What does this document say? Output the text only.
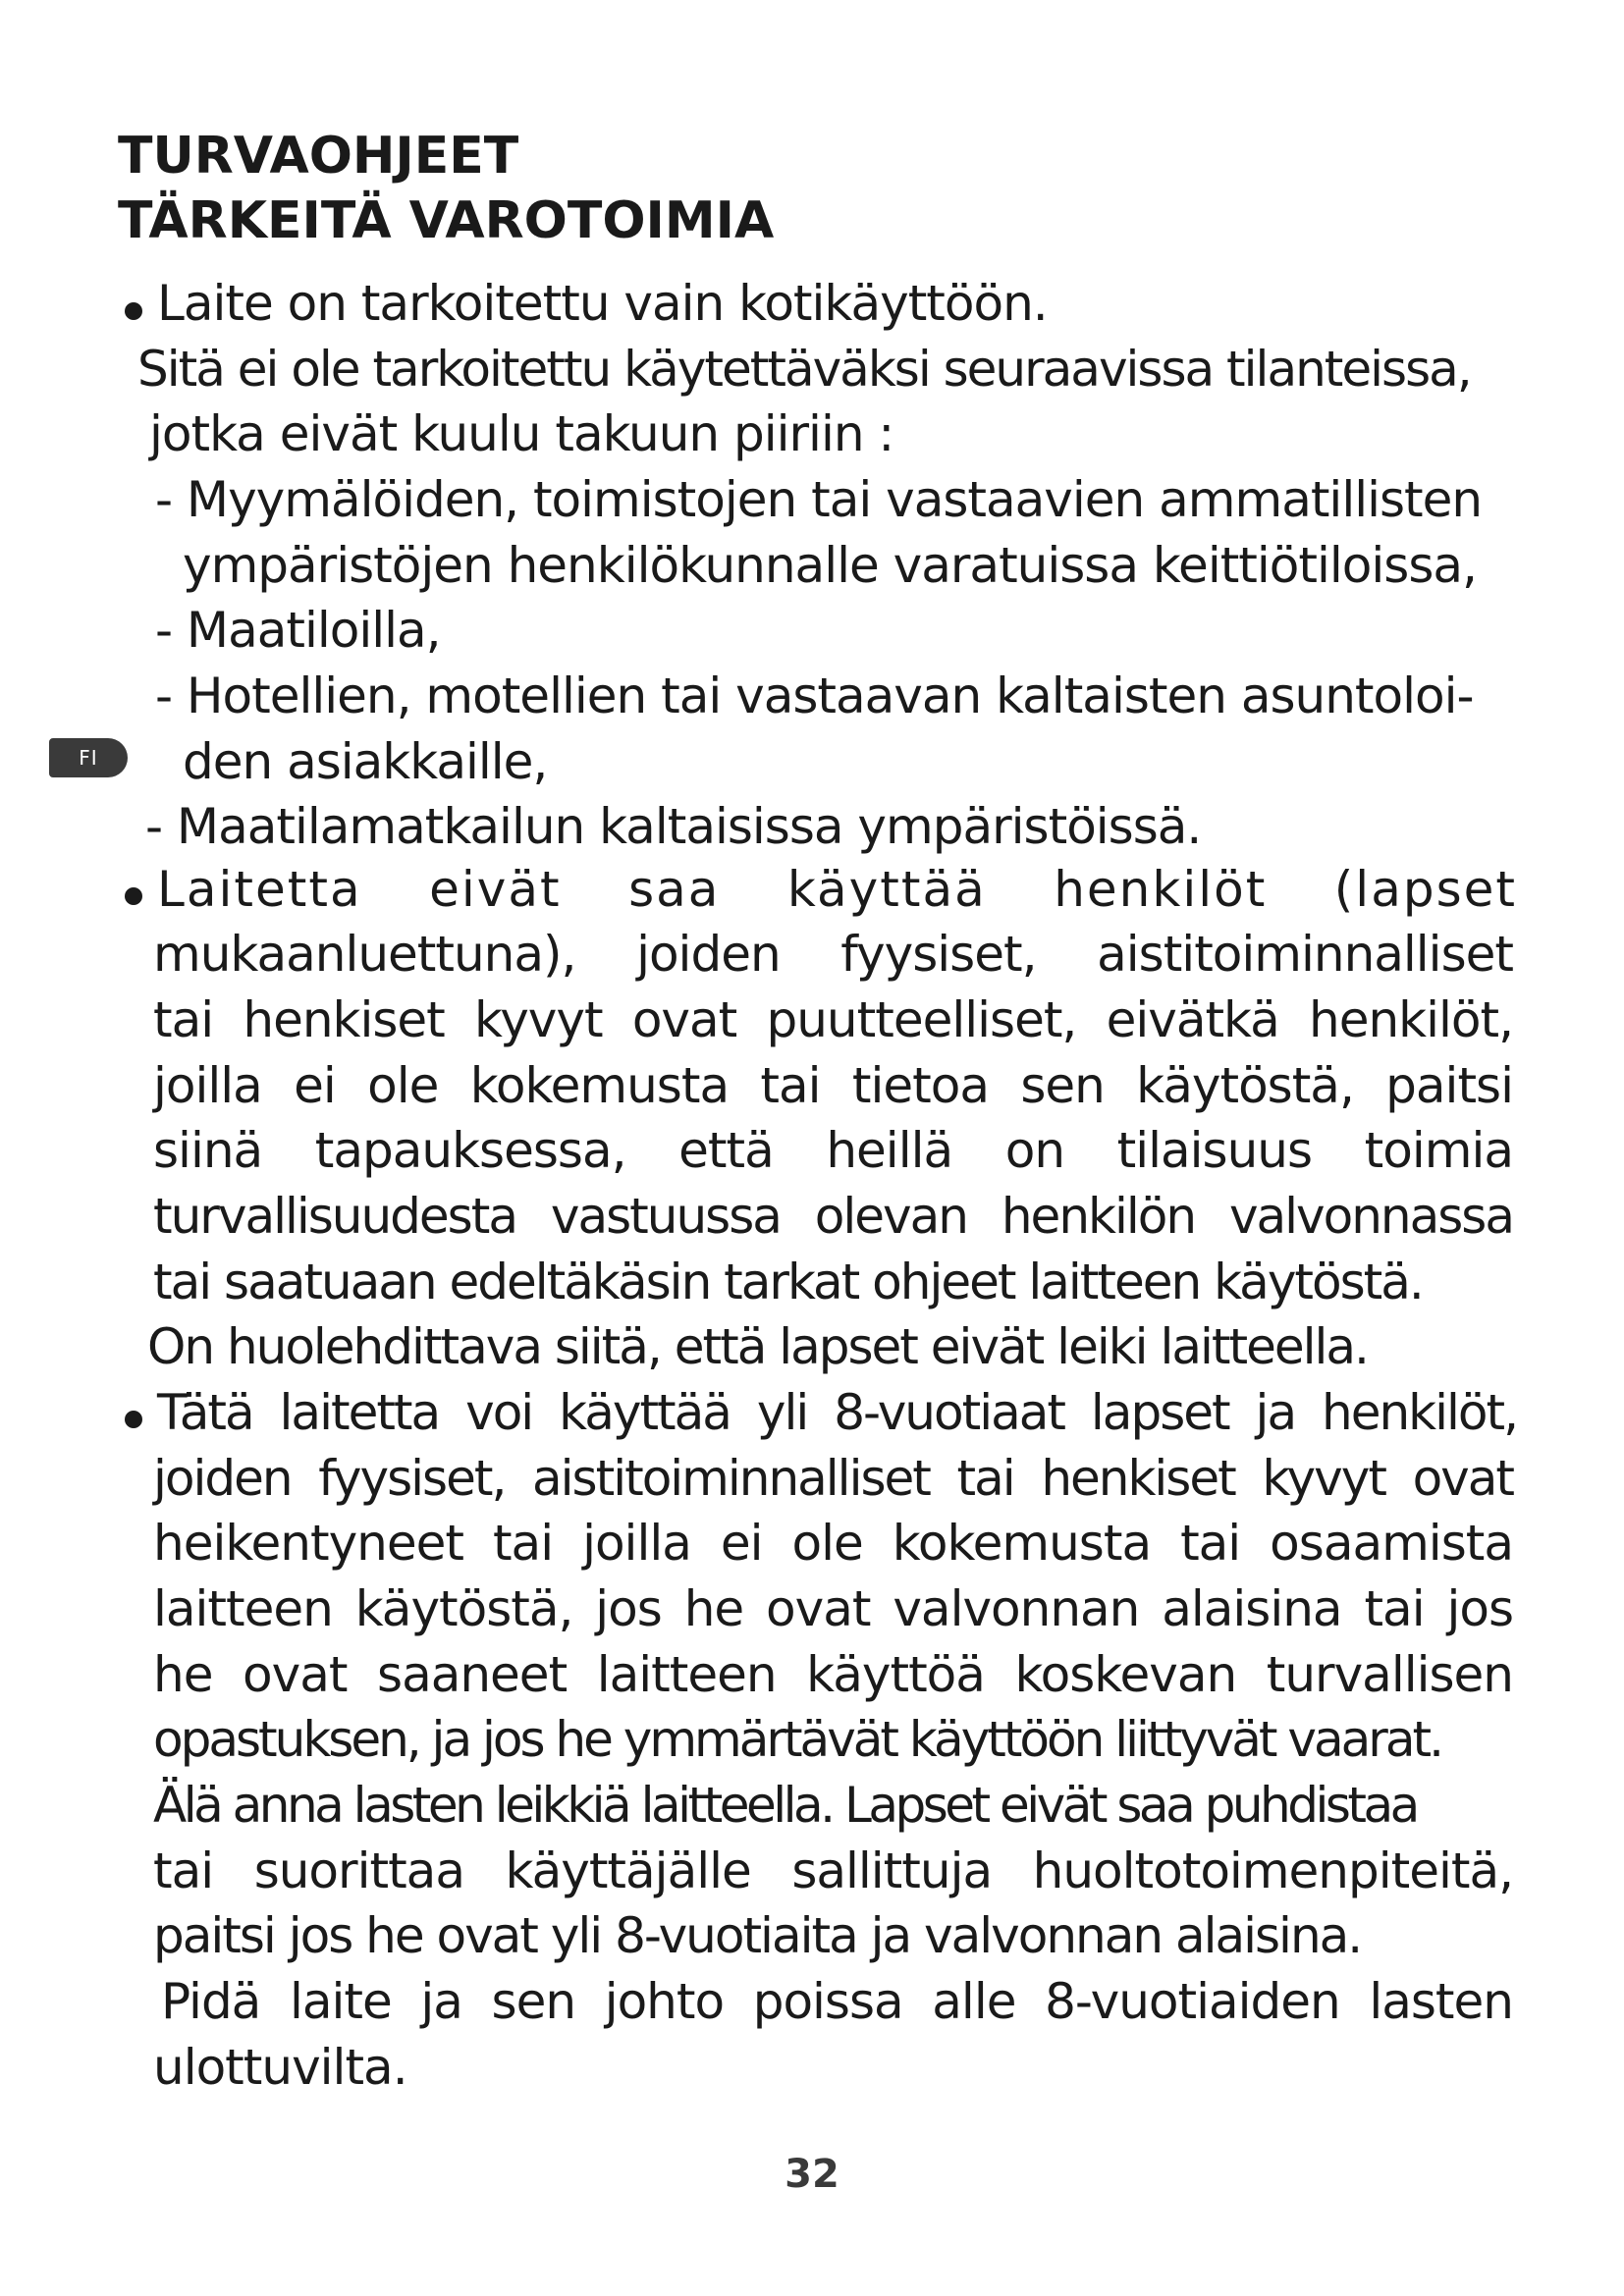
TURVAOHJEET
TÄRKEITÄ VAROTOIMIA
Laite on tarkoitettu vain kotikäyttöön.
Sitä ei ole tarkoitettu käytettäväksi seuraavissa tilanteissa,
jotka eivät kuulu takuun piiriin :
- Myymälöiden, toimistojen tai vastaavien ammatillisten
ympäristöjen henkilökunnalle varatuissa keittiötiloissa,
- Maatiloilla,
- Hotellien, motellien tai vastaavan kaltaisten asuntoloi-
den asiakkaille,
- Maatilamatkailun kaltaisissa ympäristöissä.
FI
Laitetta eivät saa käyttää henkilöt (lapset
mukaanluettuna), joiden fyysiset, aistitoiminnalliset
tai henkiset kyvyt ovat puutteelliset, eivätkä henkilöt,
joilla ei ole kokemusta tai tietoa sen käytöstä, paitsi
siinä tapauksessa, että heillä on tilaisuus toimia
turvallisuudesta vastuussa olevan henkilön valvonnassa
tai saatuaan edeltäkäsin tarkat ohjeet laitteen käytöstä.
On huolehdittava siitä, että lapset eivät leiki laitteella.
Tätä laitetta voi käyttää yli 8-vuotiaat lapset ja henkilöt,
joiden fyysiset, aistitoiminnalliset tai henkiset kyvyt ovat
heikentyneet tai joilla ei ole kokemusta tai osaamista
laitteen käytöstä, jos he ovat valvonnan alaisina tai jos
he ovat saaneet laitteen käyttöä koskevan turvallisen
opastuksen, ja jos he ymmärtävät käyttöön liittyvät vaarat.
Älä anna lasten leikkiä laitteella. Lapset eivät saa puhdistaa
tai suorittaa käyttäjälle sallittuja huoltotoimenpiteitä,
paitsi jos he ovat yli 8-vuotiaita ja valvonnan alaisina.
Pidä laite ja sen johto poissa alle 8-vuotiaiden lasten
ulottuvilta.
32
